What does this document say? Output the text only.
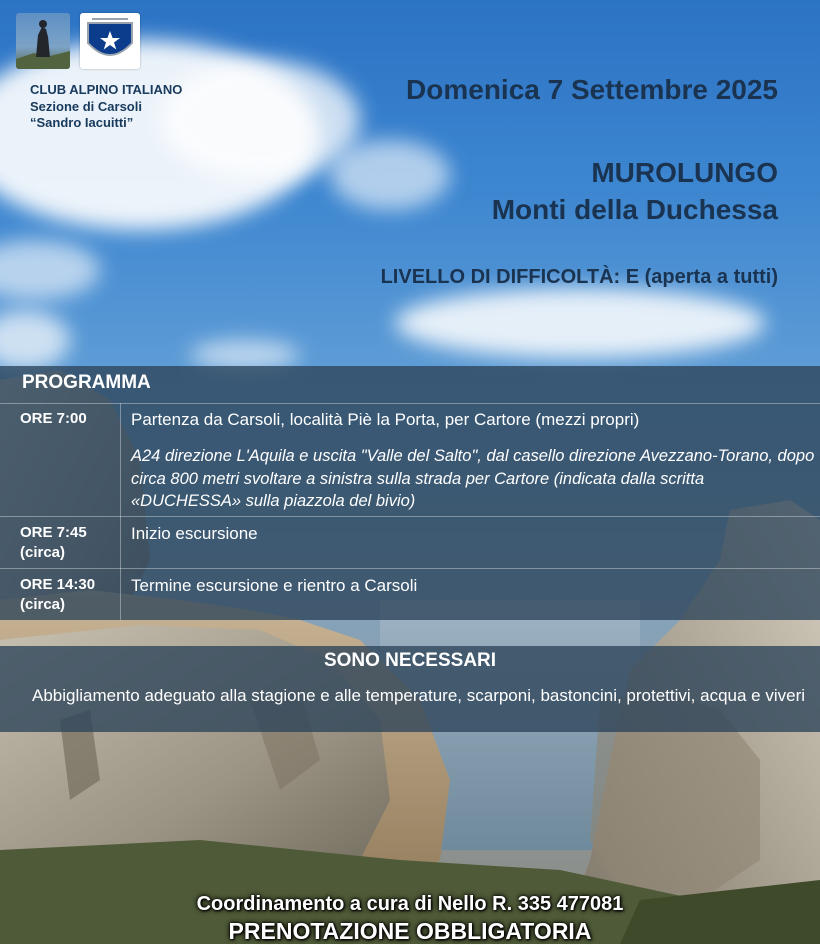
CLUB ALPINO ITALIANO
Sezione di Carsoli
“Sandro Iacuitti”
Domenica 7 Settembre 2025
MUROLUNGO
Monti della Duchessa
LIVELLO DI DIFFICOLTÀ: E (aperta a tutti)
PROGRAMMA
ORE 7:00	Partenza da Carsoli, località Piè la Porta, per Cartore (mezzi propri)
A24 direzione L'Aquila e uscita "Valle del Salto", dal casello direzione Avezzano-Torano, dopo circa 800 metri svoltare a sinistra sulla strada per Cartore (indicata dalla scritta «DUCHESSA» sulla piazzola del bivio)
ORE 7:45
(circa)
Inizio escursione
ORE 14:30
(circa)
Termine escursione e rientro a Carsoli
SONO NECESSARI
Abbigliamento adeguato alla stagione e alle temperature, scarponi, bastoncini, protettivi, acqua e viveri
Coordinamento a cura di Nello R. 335 477081
PRENOTAZIONE OBBLIGATORIA
